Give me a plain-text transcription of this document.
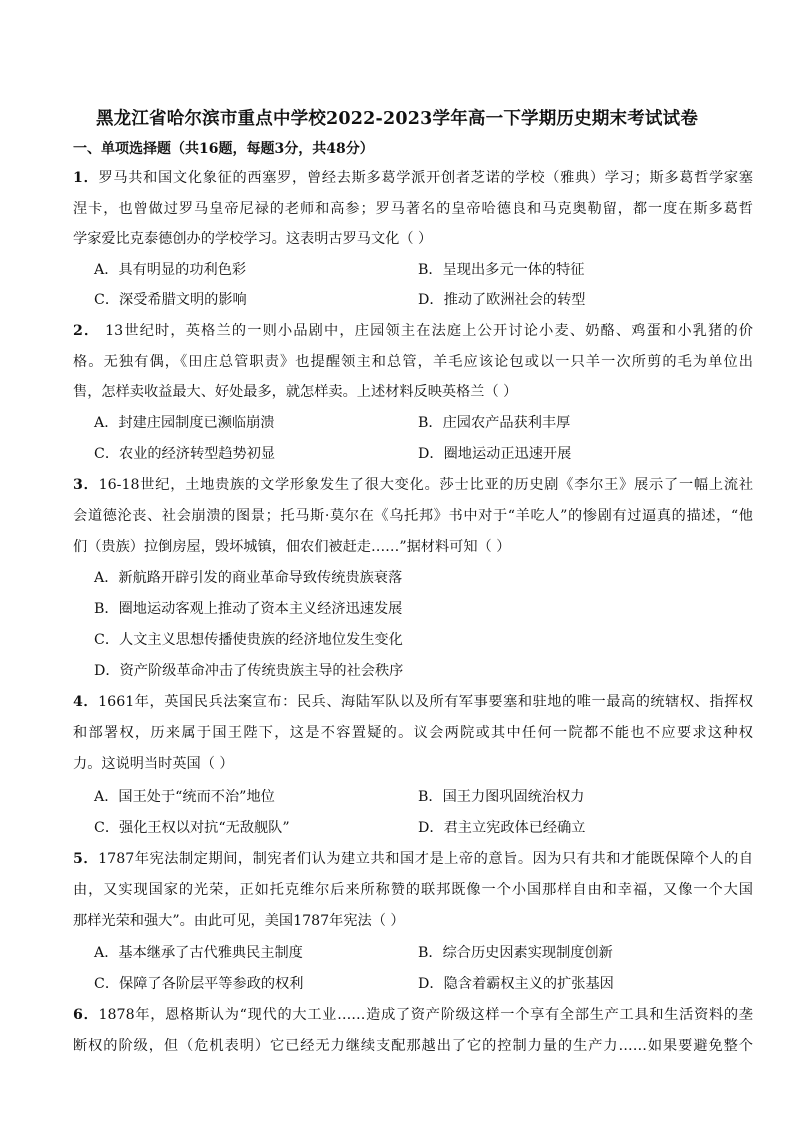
黑龙江省哈尔滨市重点中学校2022-2023学年高一下学期历史期末考试试卷
一、单项选择题（共16题，每题3分，共48分）
1．罗马共和国文化象征的西塞罗，曾经去斯多葛学派开创者芝诺的学校（雅典）学习；斯多葛哲学家塞
涅卡，也曾做过罗马皇帝尼禄的老师和高参；罗马著名的皇帝哈德良和马克奥勒留，都一度在斯多葛哲
学家爱比克泰德创办的学校学习。这表明古罗马文化（ ）
A．具有明显的功利色彩	B．呈现出多元一体的特征
C．深受希腊文明的影响	D．推动了欧洲社会的转型
2． 13世纪时，英格兰的一则小品剧中，庄园领主在法庭上公开讨论小麦、奶酪、鸡蛋和小乳猪的价
格。无独有偶，《田庄总管职责》也提醒领主和总管，羊毛应该论包或以一只羊一次所剪的毛为单位出
售，怎样卖收益最大、好处最多，就怎样卖。上述材料反映英格兰（ ）
A．封建庄园制度已濒临崩溃	B．庄园农产品获利丰厚
C．农业的经济转型趋势初显	D．圈地运动正迅速开展
3．16-18世纪，土地贵族的文学形象发生了很大变化。莎士比亚的历史剧《李尔王》展示了一幅上流社
会道德沦丧、社会崩溃的图景；托马斯·莫尔在《乌托邦》书中对于“羊吃人”的惨剧有过逼真的描述，“他
们（贵族）拉倒房屋，毁坏城镇，佃农们被赶走……”据材料可知（ ）
A．新航路开辟引发的商业革命导致传统贵族衰落
B．圈地运动客观上推动了资本主义经济迅速发展
C．人文主义思想传播使贵族的经济地位发生变化
D．资产阶级革命冲击了传统贵族主导的社会秩序
4．1661年，英国民兵法案宣布：民兵、海陆军队以及所有军事要塞和驻地的唯一最高的统辖权、指挥权
和部署权，历来属于国王陛下，这是不容置疑的。议会两院或其中任何一院都不能也不应要求这种权
力。这说明当时英国（ ）
A．国王处于“统而不治”地位	B．国王力图巩固统治权力
C．强化王权以对抗“无敌舰队”	D．君主立宪政体已经确立
5．1787年宪法制定期间，制宪者们认为建立共和国才是上帝的意旨。因为只有共和才能既保障个人的自
由，又实现国家的光荣，正如托克维尔后来所称赞的联邦既像一个小国那样自由和幸福，又像一个大国
那样光荣和强大”。由此可见，美国1787年宪法（ ）
A．基本继承了古代雅典民主制度	B．综合历史因素实现制度创新
C．保障了各阶层平等参政的权利	D．隐含着霸权主义的扩张基因
6．1878年，恩格斯认为“现代的大工业……造成了资产阶级这样一个享有全部生产工具和生活资料的垄
断权的阶级，但（危机表明）它已经无力继续支配那越出了它的控制力量的生产力……如果要避免整个
